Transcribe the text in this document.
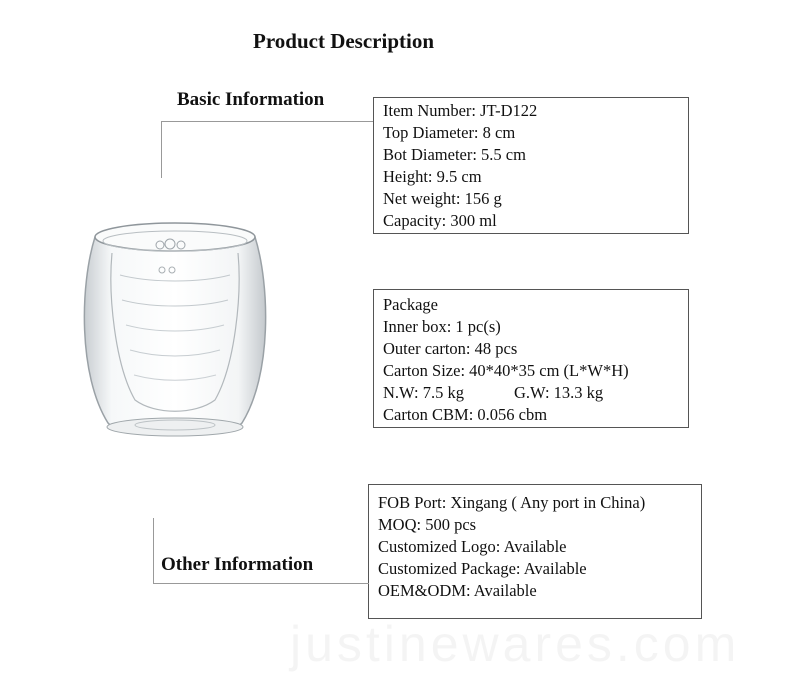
Product Description
Basic Information
Item Number: JT-D122
Top Diameter: 8 cm
Bot Diameter: 5.5 cm
Height: 9.5 cm
Net weight: 156 g
Capacity: 300 ml
Package
Inner box: 1 pc(s)
Outer carton: 48 pcs
Carton Size: 40*40*35 cm (L*W*H)
N.W: 7.5 kg	G.W: 13.3 kg
Carton CBM: 0.056 cbm
FOB Port: Xingang ( Any port in China)
MOQ: 500 pcs
Customized Logo: Available
Customized Package: Available
OEM&ODM: Available
Other Information
